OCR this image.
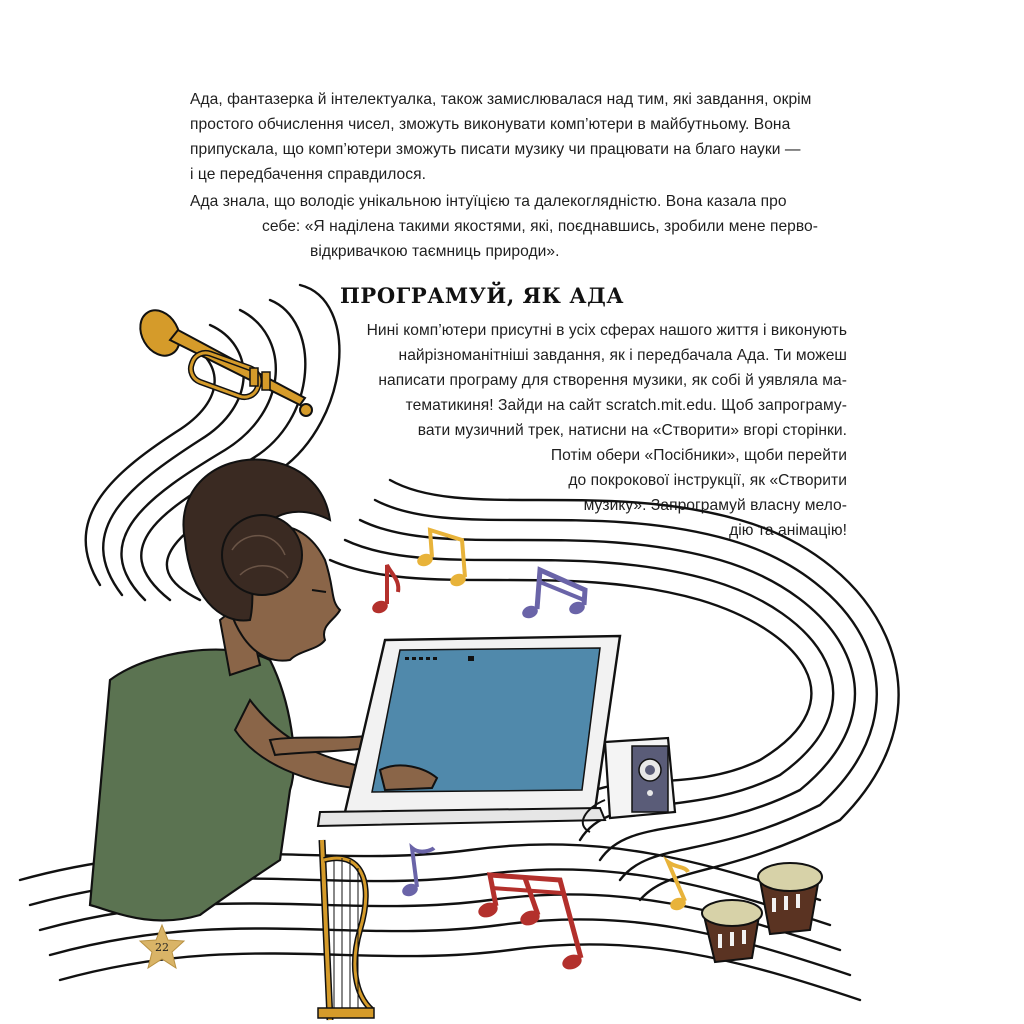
Ада, фантазерка й інтелектуалка, також замислювалася над тим, які завдання, окрім
простого обчислення чисел, зможуть виконувати комп’ютери в майбутньому. Вона
припускала, що комп’ютери зможуть писати музику чи працювати на благо науки —
і це передбачення справдилося.

Ада знала, що володіє унікальною інтуїцією та далекоглядністю. Вона казала про
себе: «Я наділена такими якостями, які, поєднавшись, зробили мене перво-
відкривачкою таємниць природи».

ПРОГРАМУЙ, ЯК АДА

Нині комп’ютери присутні в усіх сферах нашого життя і виконують
найрізноманітніші завдання, як і передбачала Ада. Ти можеш
написати програму для створення музики, як собі й уявляла ма-
тематикиня! Зайди на сайт scratch.mit.edu. Щоб запрограму-
вати музичний трек, натисни на «Створити» вгорі сторінки.
Потім обери «Посібники», щоби перейти
до покрокової інструкції, як «Створити
музику». Запрограмуй власну мело-
дію та анімацію!

22
